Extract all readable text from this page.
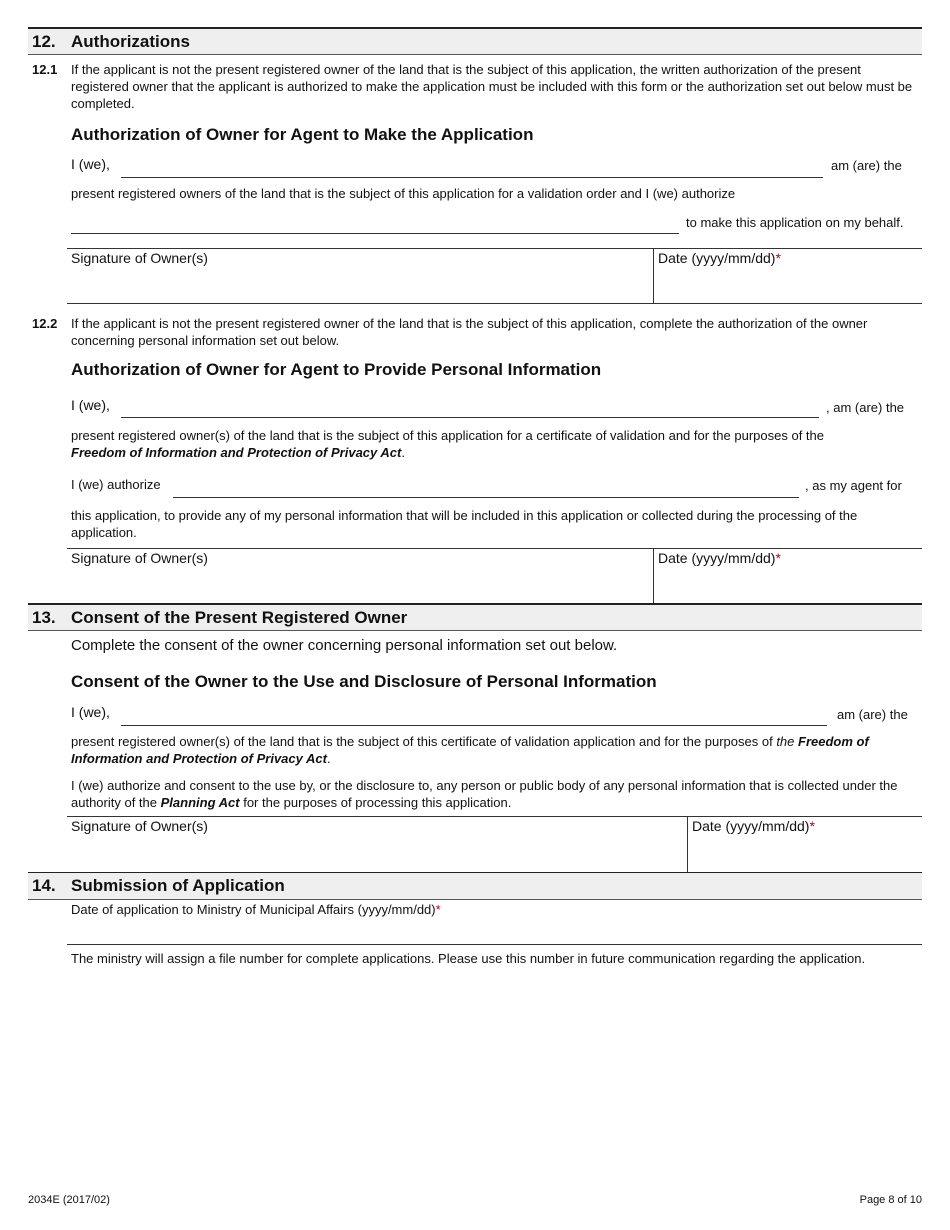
12. Authorizations
12.1 If the applicant is not the present registered owner of the land that is the subject of this application, the written authorization of the present registered owner that the applicant is authorized to make the application must be included with this form or the authorization set out below must be completed.
Authorization of Owner for Agent to Make the Application
I (we),	am (are) the
present registered owners of the land that is the subject of this application for a validation order and I (we) authorize
to make this application on my behalf.
Signature of Owner(s)	Date (yyyy/mm/dd)*
12.2 If the applicant is not the present registered owner of the land that is the subject of this application, complete the authorization of the owner concerning personal information set out below.
Authorization of Owner for Agent to Provide Personal Information
I (we),	, am (are) the
present registered owner(s) of the land that is the subject of this application for a certificate of validation and for the purposes of the
Freedom of Information and Protection of Privacy Act.
I (we) authorize	, as my agent for
this application, to provide any of my personal information that will be included in this application or collected during the processing of the application.
Signature of Owner(s)	Date (yyyy/mm/dd)*
13. Consent of the Present Registered Owner
Complete the consent of the owner concerning personal information set out below.
Consent of the Owner to the Use and Disclosure of Personal Information
I (we),	am (are) the
present registered owner(s) of the land that is the subject of this certificate of validation application and for the purposes of the Freedom of Information and Protection of Privacy Act.
I (we) authorize and consent to the use by, or the disclosure to, any person or public body of any personal information that is collected under the authority of the Planning Act for the purposes of processing this application.
Signature of Owner(s)	Date (yyyy/mm/dd)*
14. Submission of Application
Date of application to Ministry of Municipal Affairs (yyyy/mm/dd)*
The ministry will assign a file number for complete applications. Please use this number in future communication regarding the application.
2034E (2017/02)	Page 8 of 10
